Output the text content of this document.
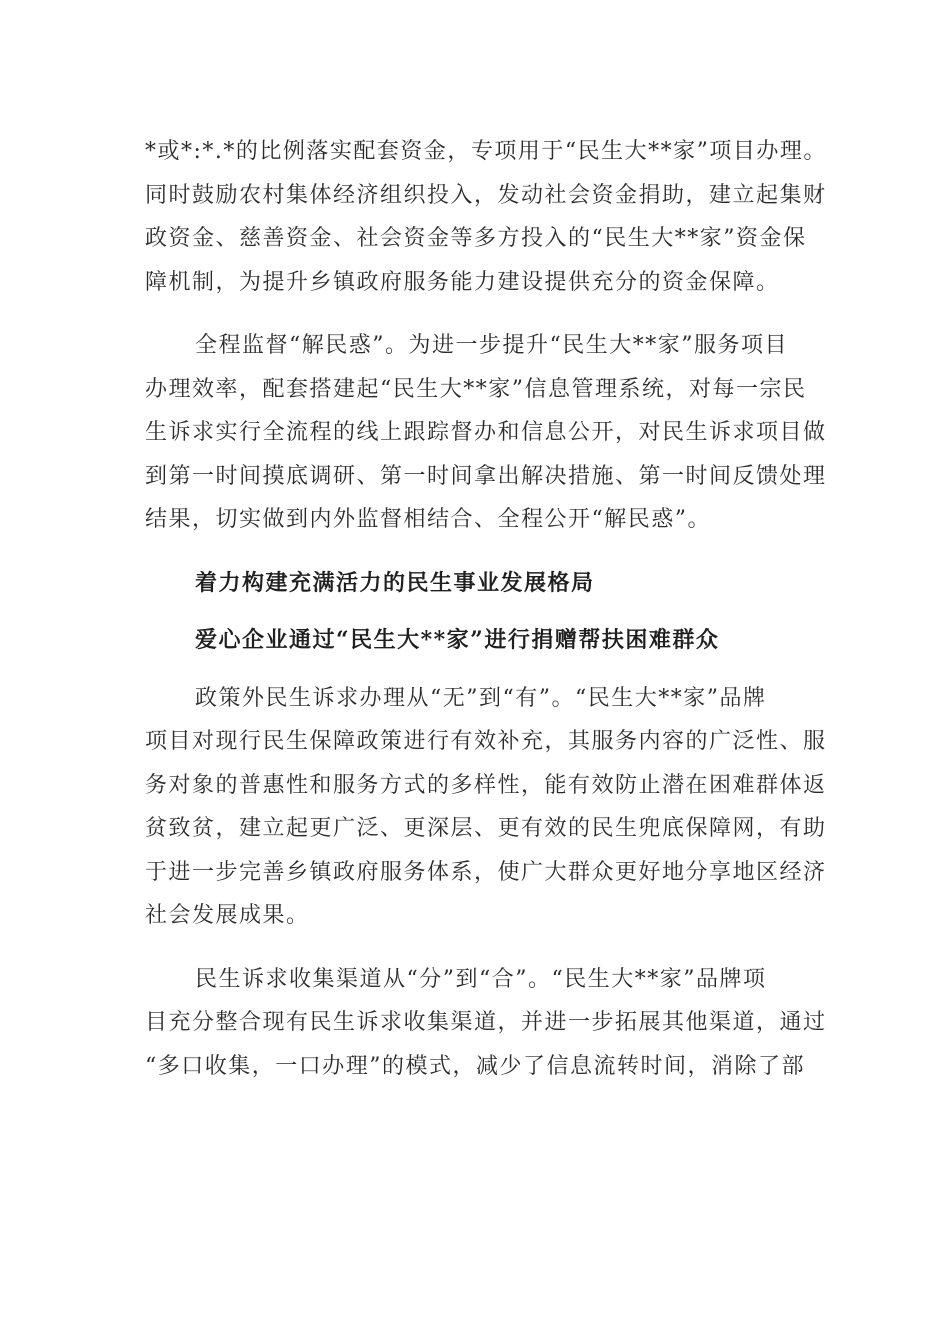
*或*:*.*的比例落实配套资金，专项用于“民生大**家”项目办理。
同时鼓励农村集体经济组织投入，发动社会资金捐助，建立起集财
政资金、慈善资金、社会资金等多方投入的“民生大**家”资金保
障机制，为提升乡镇政府服务能力建设提供充分的资金保障。
全程监督“解民惑”。为进一步提升“民生大**家”服务项目
办理效率，配套搭建起“民生大**家”信息管理系统，对每一宗民
生诉求实行全流程的线上跟踪督办和信息公开，对民生诉求项目做
到第一时间摸底调研、第一时间拿出解决措施、第一时间反馈处理
结果，切实做到内外监督相结合、全程公开“解民惑”。
着力构建充满活力的民生事业发展格局
爱心企业通过“民生大**家”进行捐赠帮扶困难群众
政策外民生诉求办理从“无”到“有”。“民生大**家”品牌
项目对现行民生保障政策进行有效补充，其服务内容的广泛性、服
务对象的普惠性和服务方式的多样性，能有效防止潜在困难群体返
贫致贫，建立起更广泛、更深层、更有效的民生兜底保障网，有助
于进一步完善乡镇政府服务体系，使广大群众更好地分享地区经济
社会发展成果。
民生诉求收集渠道从“分”到“合”。“民生大**家”品牌项
目充分整合现有民生诉求收集渠道，并进一步拓展其他渠道，通过
“多口收集，一口办理”的模式，减少了信息流转时间，消除了部
